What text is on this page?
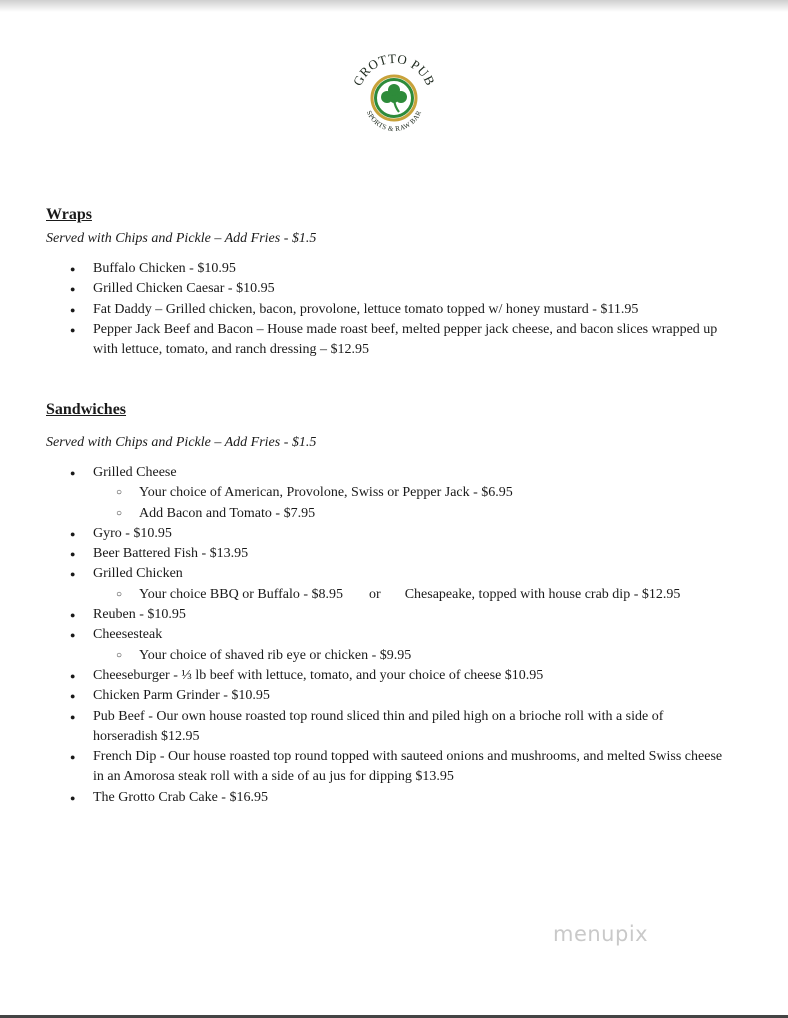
GROTTO PUB
SPORTS & RAW BAR
Wraps

Served with Chips and Pickle – Add Fries - $1.5

● Buffalo Chicken - $10.95
● Grilled Chicken Caesar - $10.95
● Fat Daddy – Grilled chicken, bacon, provolone, lettuce tomato topped w/ honey mustard - $11.95
● Pepper Jack Beef and Bacon – House made roast beef, melted pepper jack cheese, and bacon slices wrapped up with lettuce, tomato, and ranch dressing – $12.95
Sandwiches

Served with Chips and Pickle – Add Fries - $1.5

● Grilled Cheese
○ Your choice of American, Provolone, Swiss or Pepper Jack - $6.95
○ Add Bacon and Tomato - $7.95
● Gyro - $10.95
● Beer Battered Fish - $13.95
● Grilled Chicken
○ Your choice BBQ or Buffalo - $8.95 or Chesapeake, topped with house crab dip - $12.95
● Reuben - $10.95
● Cheesesteak
○ Your choice of shaved rib eye or chicken - $9.95
● Cheeseburger - ⅓ lb beef with lettuce, tomato, and your choice of cheese $10.95
● Chicken Parm Grinder - $10.95
● Pub Beef - Our own house roasted top round sliced thin and piled high on a brioche roll with a side of horseradish $12.95
● French Dip - Our house roasted top round topped with sauteed onions and mushrooms, and melted Swiss cheese in an Amorosa steak roll with a side of au jus for dipping $13.95
● The Grotto Crab Cake - $16.95
menupix
